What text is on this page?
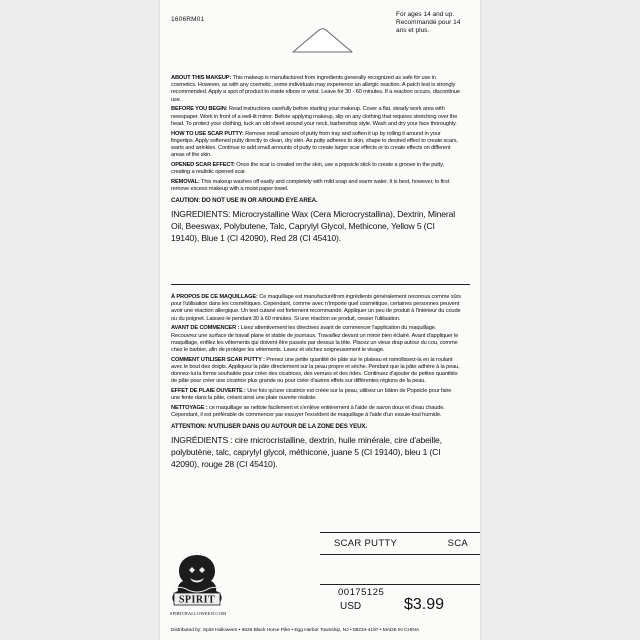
1606RM01
For ages 14 and up.
Recommandé pour 14 ans et plus.

ABOUT THIS MAKEUP: This makeup is manufactured from ingredients generally recognized as safe for use in cosmetics. However, as with any cosmetic, some individuals may experience an allergic reaction. A patch test is strongly recommended. Apply a spot of product to inside elbow or wrist. Leave for 30 - 60 minutes. If a reaction occurs, discontinue use.

BEFORE YOU BEGIN: Read instructions carefully before starting your makeup. Cover a flat, steady work area with newspaper. Work in front of a well-lit mirror. Before applying makeup, slip on any clothing that requires stretching over the head. To protect your clothing, tuck an old sheet around your neck, barbershop style. Wash and dry your face thoroughly.

HOW TO USE SCAR PUTTY: Remove small amount of putty from tray and soften it up by rolling it around in your fingertips. Apply softened putty directly to clean, dry skin. As putty adheres to skin, shape to desired effect to create scars, warts and wrinkles. Continue to add small amounts of putty to create larger scar effects or to create effects on different areas of the skin.

OPENED SCAR EFFECT: Once the scar is created on the skin, use a popsicle stick to create a groove in the putty, creating a realistic opened scar.

REMOVAL: This makeup washes off easily and completely with mild soap and warm water. It is best, however, to first remove excess makeup with a moist paper towel.

CAUTION: DO NOT USE IN OR AROUND EYE AREA.

INGREDIENTS: Microcrystalline Wax (Cera Microcrystallina), Dextrin, Mineral Oil, Beeswax, Polybutene, Talc, Caprylyl Glycol, Methicone, Yellow 5 (CI 19140), Blue 1 (CI 42090), Red 28 (CI 45410).

À PROPOS DE CE MAQUILLAGE: Ce maquillage est manufacturéfrom ingrédients généralement reconnus comme sûrs pour l'utilisation dans les cosmétiques. Cependant, comme avec n'importe quel cosmétique, certaines personnes peuvent avoir une réaction allergique. Un test cutané est fortement recommandé. Appliquer un peu de produit à l'intérieur du coude ou du poignet. Laissez-le pendant 30 à 60 minutes. Si une réaction se produit, cesser l'utilisation.

AVANT DE COMMENCER : Lisez attentivement les directives avant de commencer l'application du maquillage. Recouvrez une surface de travail plane et stable de journaux. Travaillez devant un miroir bien éclairé. Avant d'appliquer le maquillage, enfilez les vêtements qui doivent être passés par dessus la tête. Placez un vieux drap autour du cou, comme chez le barbier, afin de protéger les vêtements. Lavez et séchez soigneusement le visage.

COMMENT UTILISER SCAR PUTTY : Prenez une petite quantité de pâte sur le plateau et ramollissez-la en la roulant avec le bout des doigts. Appliquez la pâte directement sur la peau propre et sèche. Pendant que la pâte adhère à la peau, donnez-lui la forme souhaitée pour créer des cicatrices, des verrues et des rides. Continuez d'ajouter de petites quantités de pâte pour créer une cicatrice plus grande ou pour créer d'autres effets sur différentes régions de la peau.

EFFET DE PLAIE OUVERTE : Une fois qu'une cicatrice est créée sur la peau, utilisez un bâton de Popsicle pour faire une fente dans la pâte, créant ainsi une plaie ouverte réaliste.

NETTOYAGE : ce maquillage se nettoie facilement et s'enlève entièrement à l'aide de savon doux et d'eau chaude. Cependant, il est préférable de commencer par essuyer l'excédent de maquillage à l'aide d'un essuie-tout humide.

ATTENTION: N'UTILISER DANS OU AUTOUR DE LA ZONE DES YEUX.

INGRÉDIENTS : cire microcristalline, dextrin, huile minérale, cire d'abeille, polybutène, talc, caprylyl glycol, méthicone, juane 5 (CI 19140), bleu 1 (CI 42090), rouge 28 (CI 45410).

SCAR PUTTY	SCA
00175125
USD	$3.99
SPIRIT
SPIRITHALLOWEEN.COM
Distributed by: Spirit Halloween • 6826 Black Horse Pike • Egg Harbor Township, NJ • 08234-4197 • MADE IN CHINA
